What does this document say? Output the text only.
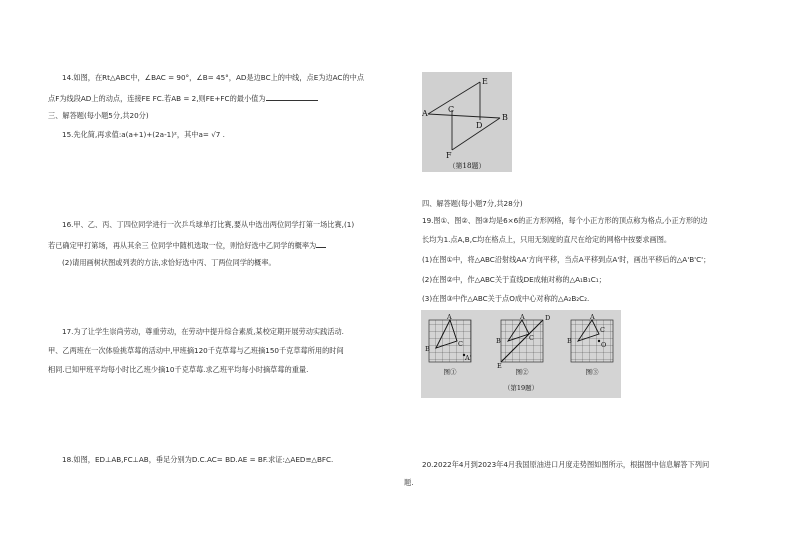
14.如图，在Rt△ABC中，∠BAC = 90°，∠B= 45°，AD是边BC上的中线，点E为边AC的中点
点F为线段AD上的动点，连接FE FC.若AB = 2,则FE+FC的最小值为
三、解答题(每小题5分,共20分)
15.先化简,再求值:a(a+1)+(2a-1)²，其中a= √7 .
16.甲、乙、丙、丁四位同学进行一次乒乓球单打比赛,要从中选出两位同学打第一场比赛,(1)
若已确定甲打第场，再从其余三 位同学中随机选取一位，则恰好选中乙同学的概率为
(2)请用画树状图或列表的方法,求恰好选中丙、丁两位同学的概率。
17.为了让学生崇尚劳动，尊重劳动，在劳动中提升综合素质,某校定期开展劳动实践活动.
甲、乙两班在一次体验挑草莓的活动中,甲班摘120千克草莓与乙班摘150千克草莓所用的时间
相同.已知甲班平均每小时比乙班少摘10千克草莓.求乙班平均每小时摘草莓的重量.
18.如图，ED⊥AB,FC⊥AB，垂足分别为D.C.AC= BD.AE = BF.求证:△AED≌△BFC.
E
A	C
D
B
F
（第18题）
四、解答题(每小题7分,共28分)
19.图①、图②、图③均是6×6的正方形网格，每个小正方形的顶点称为格点,小正方形的边
长均为1.点A,B,C均在格点上，只用无刻度的直尺在给定的网格中按要求画图。
(1)在图①中，将△ABC沿射线AA'方向平移，当点A平移到点A'时，画出平移后的△A'B'C'；
(2)在图②中，作△ABC关于直线DE成轴对称的△A₁B₁C₁；
(3)在图③中作△ABC关于点O成中心对称的△A₂B₂C₂.
A
B
C
A'
图①
A	D
B	C
E
图②
A
B
C
O
图③
（第19题）
20.2022年4月到2023年4月我国原油进口月度走势图如图所示，根据图中信息解答下列问
题.
